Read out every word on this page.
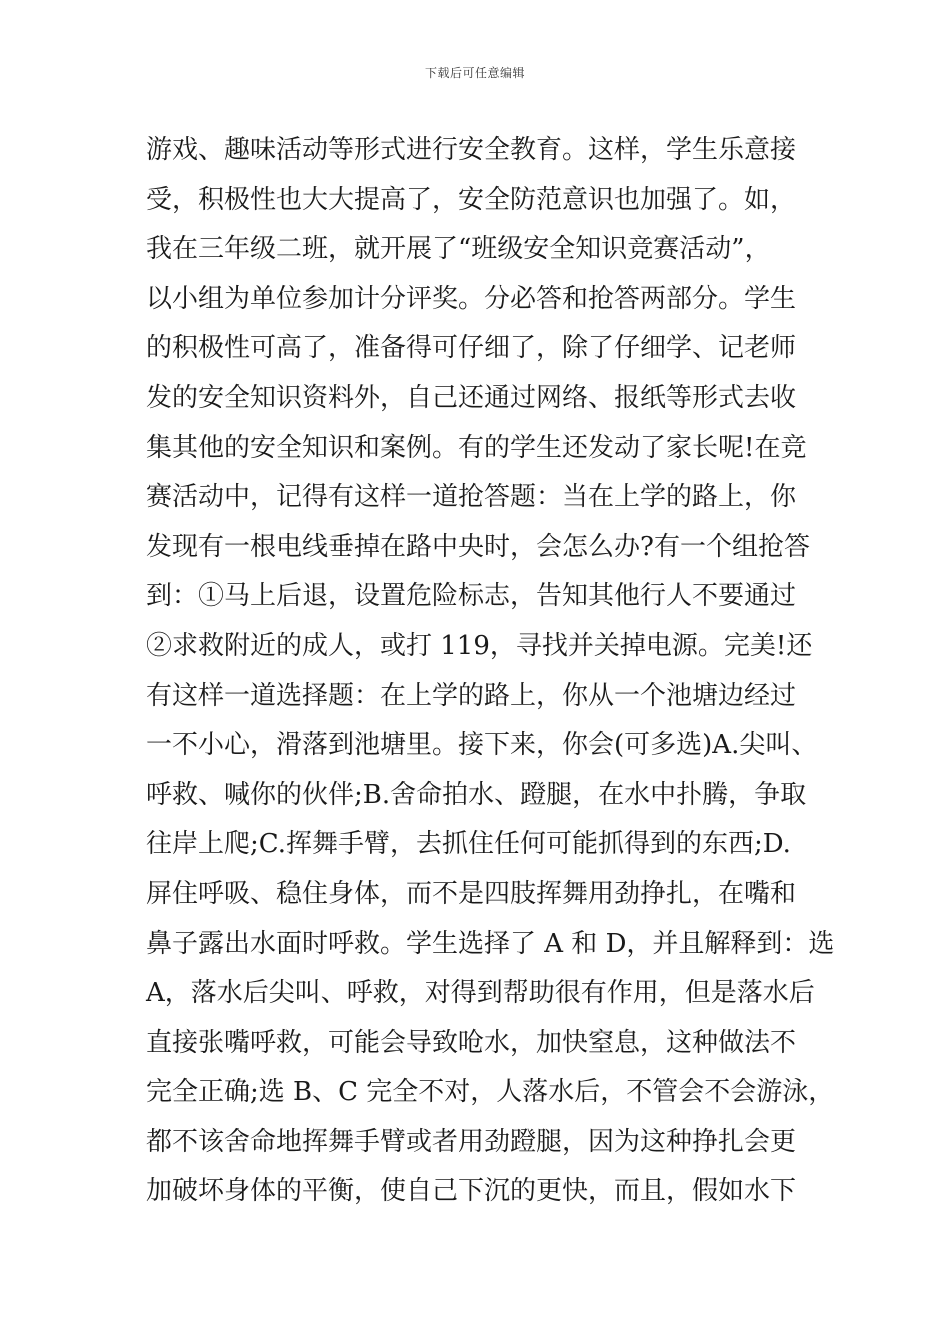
下载后可任意编辑
游戏、趣味活动等形式进行安全教育。这样，学生乐意接
受，积极性也大大提高了，安全防范意识也加强了。如，
我在三年级二班，就开展了“班级安全知识竞赛活动”，
以小组为单位参加计分评奖。分必答和抢答两部分。学生
的积极性可高了，准备得可仔细了，除了仔细学、记老师
发的安全知识资料外，自己还通过网络、报纸等形式去收
集其他的安全知识和案例。有的学生还发动了家长呢!在竞
赛活动中，记得有这样一道抢答题：当在上学的路上，你
发现有一根电线垂掉在路中央时，会怎么办?有一个组抢答
到：①马上后退，设置危险标志，告知其他行人不要通过
②求救附近的成人，或打 119，寻找并关掉电源。完美!还
有这样一道选择题：在上学的路上，你从一个池塘边经过
一不小心，滑落到池塘里。接下来，你会(可多选)A.尖叫、
呼救、喊你的伙伴;B.舍命拍水、蹬腿，在水中扑腾，争取
往岸上爬;C.挥舞手臂，去抓住任何可能抓得到的东西;D.
屏住呼吸、稳住身体，而不是四肢挥舞用劲挣扎，在嘴和
鼻子露出水面时呼救。学生选择了 A 和 D，并且解释到：选
A，落水后尖叫、呼救，对得到帮助很有作用，但是落水后
直接张嘴呼救，可能会导致呛水，加快窒息，这种做法不
完全正确;选 B、C 完全不对，人落水后，不管会不会游泳，
都不该舍命地挥舞手臂或者用劲蹬腿，因为这种挣扎会更
加破坏身体的平衡，使自己下沉的更快，而且，假如水下
